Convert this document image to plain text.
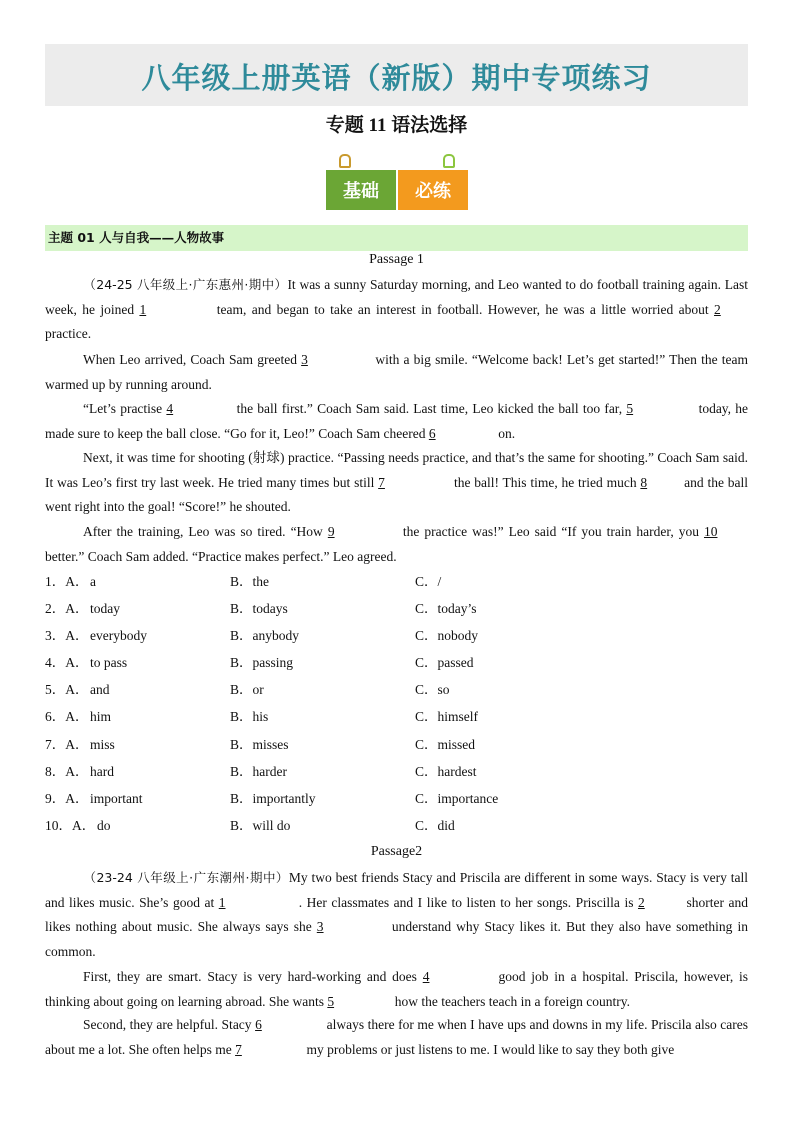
八年级上册英语（新版）期中专项练习
专题 11 语法选择
基础	必练
主题 01 人与自我——人物故事
Passage 1
（24-25 八年级上·广东惠州·期中）It was a sunny Saturday morning, and Leo wanted to do football training again. Last week, he joined 1	team, and began to take an interest in football. However, he was a little worried about 2 practice.
When Leo arrived, Coach Sam greeted 3	with a big smile. “Welcome back! Let’s get started!” Then the team warmed up by running around.
“Let’s practise 4	the ball first.” Coach Sam said. Last time, Leo kicked the ball too far, 5	today, he made sure to keep the ball close. “Go for it, Leo!” Coach Sam cheered 6	on.
Next, it was time for shooting (射球) practice. “Passing needs practice, and that’s the same for shooting.” Coach Sam said. It was Leo’s first try last week. He tried many times but still 7	the ball! This time, he tried much 8 and the ball went right into the goal! “Score!” he shouted.
After the training, Leo was so tired. “How 9	the practice was!” Leo said “If you train harder, you 10 better.” Coach Sam added. “Practice makes perfect.” Leo agreed.
1．A． a	B．the	C．/
2．A． today	B．todays	C．today’s
3．A． everybody	B．anybody	C．nobody
4．A． to pass	B．passing	C．passed
5．A． and	B．or	C．so
6．A． him	B．his	C．himself
7．A． miss	B．misses	C．missed
8．A． hard	B．harder	C．hardest
9．A． important	B．importantly	C．importance
10．A． do	B．will do	C．did
Passage2
（23-24 八年级上·广东潮州·期中）My two best friends Stacy and Priscila are different in some ways. Stacy is very tall and likes music. She’s good at 1	. Her classmates and I like to listen to her songs. Priscilla is 2	shorter and likes nothing about music. She always says she 3	understand why Stacy likes it. But they also have something in common.
First, they are smart. Stacy is very hard-working and does 4	good job in a hospital. Priscila, however, is thinking about going on learning abroad. She wants 5	how the teachers teach in a foreign country.
Second, they are helpful. Stacy 6	always there for me when I have ups and downs in my life. Priscila also cares about me a lot. She often helps me 7	my problems or just listens to me. I would like to say they both give
